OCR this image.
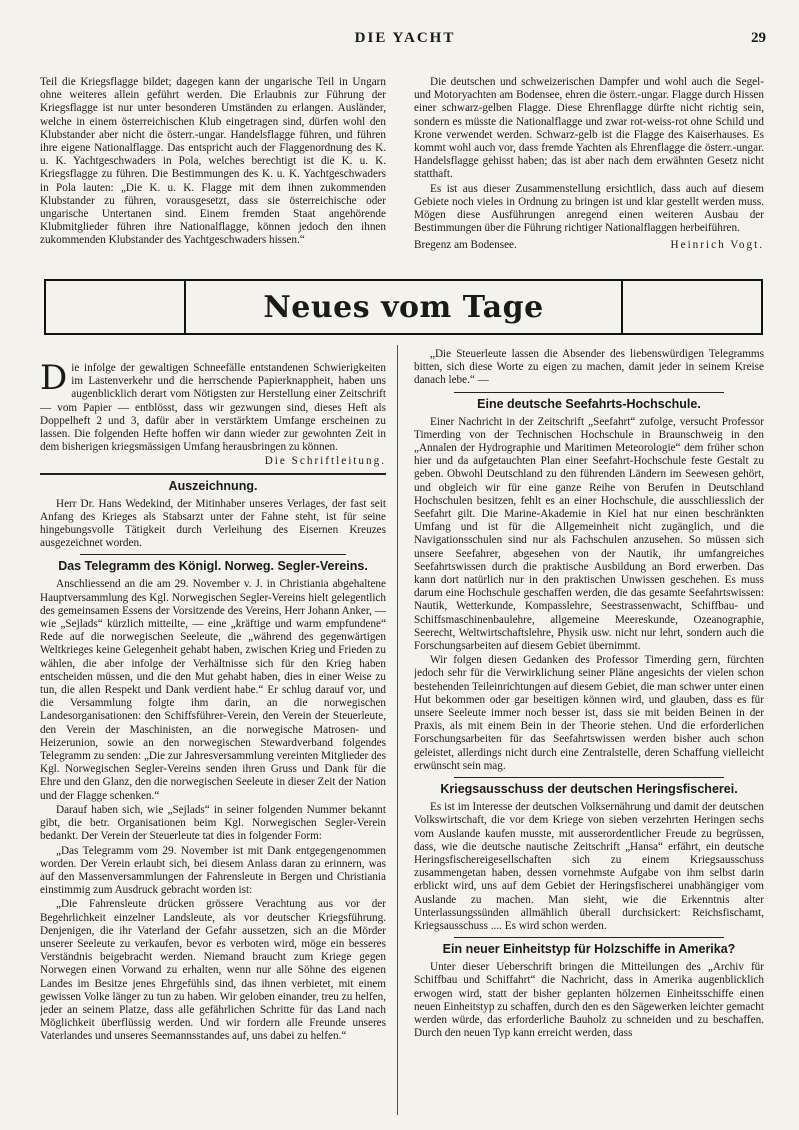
DIE YACHT	29

Teil die Kriegsflagge bildet; dagegen kann der ungarische Teil in Ungarn ohne weiteres allein geführt werden. Die Erlaubnis zur Führung der Kriegsflagge ist nur unter besonderen Umständen zu erlangen. Ausländer, welche in einem österreichischen Klub eingetragen sind, dürfen wohl den Klubstander aber nicht die österr.-ungar. Handelsflagge führen, und führen ihre eigene Nationalflagge. Das entspricht auch der Flaggenordnung des K. u. K. Yachtgeschwaders in Pola, welches berechtigt ist die K. u. K. Kriegsflagge zu führen. Die Bestimmungen des K. u. K. Yachtgeschwaders in Pola lauten: „Die K. u. K. Flagge mit dem ihnen zukommenden Klubstander zu führen, vorausgesetzt, dass sie österreichische oder ungarische Untertanen sind. Einem fremden Staat angehörende Klubmitglieder führen ihre Nationalflagge, können jedoch den ihnen zukommenden Klubstander des Yachtgeschwaders hissen.“

Die deutschen und schweizerischen Dampfer und wohl auch die Segel- und Motoryachten am Bodensee, ehren die österr.-ungar. Flagge durch Hissen einer schwarz-gelben Flagge. Diese Ehrenflagge dürfte nicht richtig sein, sondern es müsste die Nationalflagge und zwar rot-weiss-rot ohne Schild und Krone verwendet werden. Schwarz-gelb ist die Flagge des Kaiserhauses. Es kommt wohl auch vor, dass fremde Yachten als Ehrenflagge die österr.-ungar. Handelsflagge gehisst haben; das ist aber nach dem erwähnten Gesetz nicht statthaft.

Es ist aus dieser Zusammenstellung ersichtlich, dass auch auf diesem Gebiete noch vieles in Ordnung zu bringen ist und klar gestellt werden muss. Mögen diese Ausführungen anregend einen weiteren Ausbau der Bestimmungen über die Führung richtiger Nationalflaggen herbeiführen.

Bregenz am Bodensee.	Heinrich Vogt.
Neues vom Tage

Die infolge der gewaltigen Schneefälle entstandenen Schwierigkeiten im Lastenverkehr und die herrschende Papierknappheit, haben uns augenblicklich derart vom Nötigsten zur Herstellung einer Zeitschrift — vom Papier — entblösst, dass wir gezwungen sind, dieses Heft als Doppelheft 2 und 3, dafür aber in verstärktem Umfange erscheinen zu lassen. Die folgenden Hefte hoffen wir dann wieder zur gewohnten Zeit in dem bisherigen kriegsmässigen Umfang herausbringen zu können.

Die Schriftleitung.
Auszeichnung.

Herr Dr. Hans Wedekind, der Mitinhaber unseres Verlages, der fast seit Anfang des Krieges als Stabsarzt unter der Fahne steht, ist für seine hingebungsvolle Tätigkeit durch Verleihung des Eisernen Kreuzes ausgezeichnet worden.

Das Telegramm des Königl. Norweg. Segler-Vereins.

Anschliessend an die am 29. November v. J. in Christiania abgehaltene Hauptversammlung des Kgl. Norwegischen Segler-Vereins hielt gelegentlich des gemeinsamen Essens der Vorsitzende des Vereins, Herr Johann Anker, — wie „Sejlads“ kürzlich mitteilte, — eine „kräftige und warm empfundene“ Rede auf die norwegischen Seeleute, die „während des gegenwärtigen Weltkrieges keine Gelegenheit gehabt haben, zwischen Krieg und Frieden zu wählen, die aber infolge der Verhältnisse sich für den Krieg haben entscheiden müssen, und die den Mut gehabt haben, dies in einer Weise zu tun, die allen Respekt und Dank verdient habe.“ Er schlug darauf vor, und die Versammlung folgte ihm darin, an die norwegischen Landesorganisationen: den Schiffsführer-Verein, den Verein der Steuerleute, den Verein der Maschinisten, an die norwegische Matrosen- und Heizerunion, sowie an den norwegischen Stewardverband folgendes Telegramm zu senden: „Die zur Jahresversammlung vereinten Mitglieder des Kgl. Norwegischen Segler-Vereins senden ihren Gruss und Dank für die Ehre und den Glanz, den die norwegischen Seeleute in dieser Zeit der Nation und der Flagge schenken.“

Darauf haben sich, wie „Sejlads“ in seiner folgenden Nummer bekannt gibt, die betr. Organisationen beim Kgl. Norwegischen Segler-Verein bedankt. Der Verein der Steuerleute tat dies in folgender Form:

„Das Telegramm vom 29. November ist mit Dank entgegengenommen worden. Der Verein erlaubt sich, bei diesem Anlass daran zu erinnern, was auf den Massenversammlungen der Fahrensleute in Bergen und Christiania einstimmig zum Ausdruck gebracht worden ist:

„Die Fahrensleute drücken grössere Verachtung aus vor der Begehrlichkeit einzelner Landsleute, als vor deutscher Kriegsführung. Denjenigen, die ihr Vaterland der Gefahr aussetzen, sich an die Mörder unserer Seeleute zu verkaufen, bevor es verboten wird, möge ein besseres Verständnis beigebracht werden. Niemand braucht zum Kriege gegen Norwegen einen Vorwand zu erhalten, wenn nur alle Söhne des eigenen Landes im Besitze jenes Ehrgefühls sind, das ihnen verbietet, mit einem gewissen Volke länger zu tun zu haben. Wir geloben einander, treu zu helfen, jeder an seinem Platze, dass alle gefährlichen Schritte für das Land nach Möglichkeit überflüssig werden. Und wir fordern alle Freunde unseres Vaterlandes und unseres Seemannsstandes auf, uns dabei zu helfen.“

„Die Steuerleute lassen die Absender des liebenswürdigen Telegramms bitten, sich diese Worte zu eigen zu machen, damit jeder in seinem Kreise danach lebe.“ —

Eine deutsche Seefahrts-Hochschule.

Einer Nachricht in der Zeitschrift „Seefahrt“ zufolge, versucht Professor Timerding von der Technischen Hochschule in Braunschweig in den „Annalen der Hydrographie und Maritimen Meteorologie“ dem früher schon hier und da aufgetauchten Plan einer Seefahrt-Hochschule feste Gestalt zu geben. Obwohl Deutschland zu den führenden Ländern im Seewesen gehört, und obgleich wir für eine ganze Reihe von Berufen in Deutschland Hochschulen besitzen, fehlt es an einer Hochschule, die ausschliesslich der Seefahrt gilt. Die Marine-Akademie in Kiel hat nur einen beschränkten Umfang und ist für die Allgemeinheit nicht zugänglich, und die Navigationsschulen sind nur als Fachschulen anzusehen. So müssen sich unsere Seefahrer, abgesehen von der Nautik, ihr umfangreiches Seefahrtswissen durch die praktische Ausbildung an Bord erwerben. Das kann dort natürlich nur in den praktischen Unwissen geschehen. Es muss darum eine Hochschule geschaffen werden, die das gesamte Seefahrtswissen: Nautik, Wetterkunde, Kompasslehre, Seestrassenwacht, Schiffbau- und Schiffsmaschinenbaulehre, allgemeine Meereskunde, Ozeanographie, Seerecht, Weltwirtschaftslehre, Physik usw. nicht nur lehrt, sondern auch die Forschungsarbeiten auf diesem Gebiet übernimmt.

Wir folgen diesen Gedanken des Professor Timerding gern, fürchten jedoch sehr für die Verwirklichung seiner Pläne angesichts der vielen schon bestehenden Teileinrichtungen auf diesem Gebiet, die man schwer unter einen Hut bekommen oder gar beseitigen können wird, und glauben, dass es für unsere Seeleute immer noch besser ist, dass sie mit beiden Beinen in der Praxis, als mit einem Bein in der Theorie stehen. Und die erforderlichen Forschungsarbeiten für das Seefahrtswissen werden bisher auch schon geleistet, allerdings nicht durch eine Zentralstelle, deren Schaffung vielleicht erwünscht sein mag.

Kriegsausschuss der deutschen Heringsfischerei.

Es ist im Interesse der deutschen Volksernährung und damit der deutschen Volkswirtschaft, die vor dem Kriege von sieben verzehrten Heringen sechs vom Auslande kaufen musste, mit ausserordentlicher Freude zu begrüssen, dass, wie die deutsche nautische Zeitschrift „Hansa“ erfährt, ein deutsche Heringsfischereigesellschaften sich zu einem Kriegsausschuss zusammengetan haben, dessen vornehmste Aufgabe von ihm selbst darin erblickt wird, uns auf dem Gebiet der Heringsfischerei unabhängiger vom Auslande zu machen. Man sieht, wie die Erkenntnis alter Unterlassungssünden allmählich überall durchsickert: Reichsfischamt, Kriegsausschuss .... Es wird schon werden.

Ein neuer Einheitstyp für Holzschiffe in Amerika?

Unter dieser Ueberschrift bringen die Mitteilungen des „Archiv für Schiffbau und Schiffahrt“ die Nachricht, dass in Amerika augenblicklich erwogen wird, statt der bisher geplanten hölzernen Einheitsschiffe einen neuen Einheitstyp zu schaffen, durch den es den Sägewerken leichter gemacht werden würde, das erforderliche Bauholz zu schneiden und zu beschaffen. Durch den neuen Typ kann erreicht werden, dass
